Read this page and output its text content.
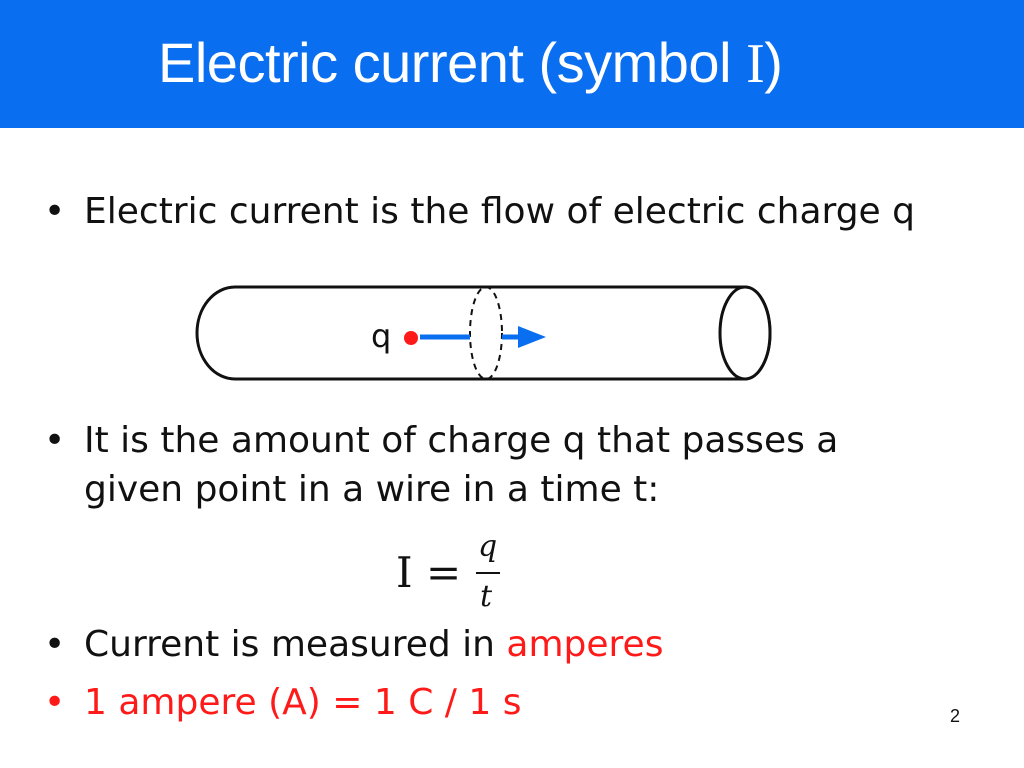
Electric current (symbol I)
• Electric current is the flow of electric charge q
q
• It is the amount of charge q that passes a
given point in a wire in a time t:
I =
q
t
• Current is measured in amperes
• 1 ampere (A) = 1 C / 1 s	2
